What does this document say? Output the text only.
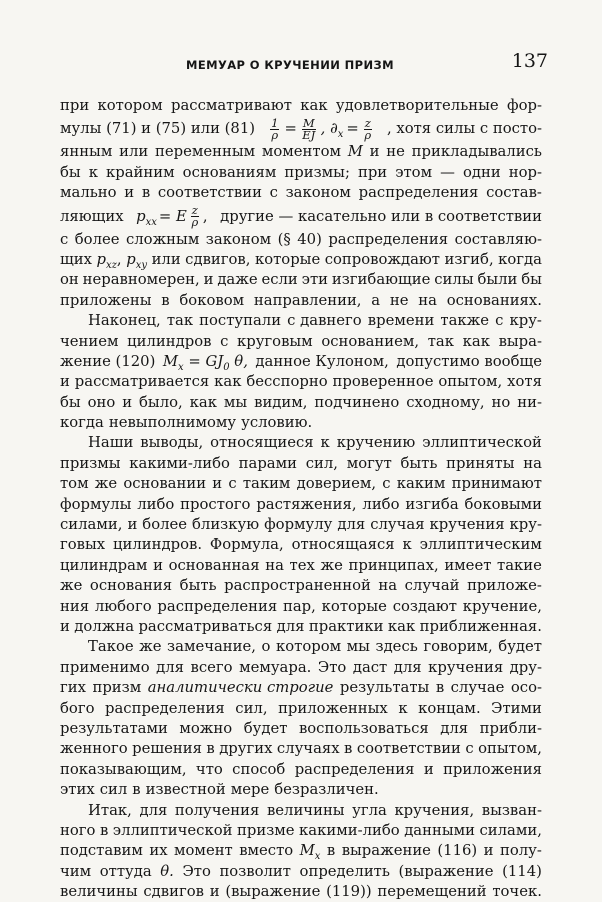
МЕМУАР О КРУЧЕНИИ ПРИЗМ	137
при котором рассматривают как удовлетворительные фор-
мулы (71) и (75) или $(81) \frac{1}{\rho} = \frac{M}{EJ}$ , $\partial_x = \frac{z}{\rho}$ , хотя силы с посто-
янным или переменным моментом M и не прикладывались
бы к крайним основаниям призмы; при этом — одни нор-
мально и в соответствии с законом распределения состав-
ляющих $p_{xx} = E \frac{z}{\rho}$ , другие — касательно или в соответствии
с более сложным законом (§ 40) распределения составляю-
щих $p_{xz}$, $p_{xy}$ или сдвигов, которые сопровождают изгиб, когда
он неравномерен, и даже если эти изгибающие силы были бы
приложены в боковом направлении, а не на основаниях.
Наконец, так поступали с давнего времени также с кру-
чением цилиндров с круговым основанием, так как выра-
жение (120) $M_x = GJ_0$ θ, данное Кулоном, допустимо вообще
и рассматривается как бесспорно проверенное опытом, хотя
бы оно и было, как мы видим, подчинено сходному, но ни-
когда невыполнимому условию.
Наши выводы, относящиеся к кручению эллиптической
призмы какими-либо парами сил, могут быть приняты на
том же основании и с таким доверием, с каким принимают
формулы либо простого растяжения, либо изгиба боковыми
силами, и более близкую формулу для случая кручения кру-
говых цилиндров. Формула, относящаяся к эллиптическим
цилиндрам и основанная на тех же принципах, имеет такие
же основания быть распространенной на случай приложе-
ния любого распределения пар, которые создают кручение,
и должна рассматриваться для практики как приближенная.
Такое же замечание, о котором мы здесь говорим, будет
применимо для всего мемуара. Это даст для кручения дру-
гих призм аналитически строгие результаты в случае осо-
бого распределения сил, приложенных к концам. Этими
результатами можно будет воспользоваться для прибли-
женного решения в других случаях в соответствии с опытом,
показывающим, что способ распределения и приложения
этих сил в известной мере безразличен.
Итак, для получения величины угла кручения, вызван-
ного в эллиптической призме какими-либо данными силами,
подставим их момент вместо $M_x$ в выражение (116) и полу-
чим оттуда θ. Это позволит определить (выражение (114)
величины сдвигов и (выражение (119)) перемещений точек.
